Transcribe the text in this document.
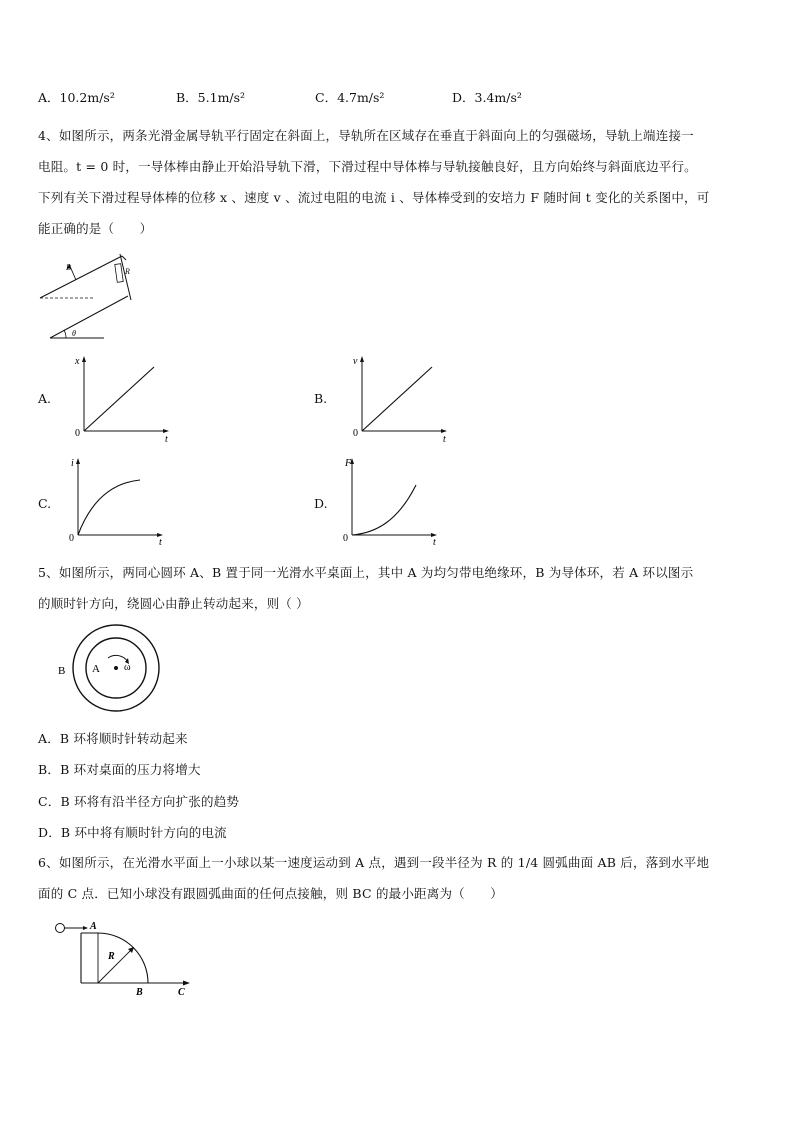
A．10.2m/s²	B．5.1m/s²	C．4.7m/s²	D．3.4m/s²
4、如图所示，两条光滑金属导轨平行固定在斜面上，导轨所在区域存在垂直于斜面向上的匀强磁场，导轨上端连接一
电阻。t = 0 时，一导体棒由静止开始沿导轨下滑，下滑过程中导体棒与导轨接触良好，且方向始终与斜面底边平行。
下列有关下滑过程导体棒的位移 x 、速度 v 、流过电阻的电流 i 、导体棒受到的安培力 F 随时间 t 变化的关系图中，可
能正确的是（　　）
B	R
θ
A.
x
t
0
B.
v
t
0
C.
i
t
0
D.
F
t
0
5、如图所示，两同心圆环 A、B 置于同一光滑水平桌面上，其中 A 为均匀带电绝缘环，B 为导体环，若 A 环以图示
的顺时针方向，绕圆心由静止转动起来，则（ ）
B A ω
A．B 环将顺时针转动起来
B．B 环对桌面的压力将增大
C．B 环将有沿半径方向扩张的趋势
D．B 环中将有顺时针方向的电流
6、如图所示，在光滑水平面上一小球以某一速度运动到 A 点，遇到一段半径为 R 的 1/4 圆弧曲面 AB 后，落到水平地
面的 C 点．已知小球没有跟圆弧曲面的任何点接触，则 BC 的最小距离为（　　）
A
R
B	C
